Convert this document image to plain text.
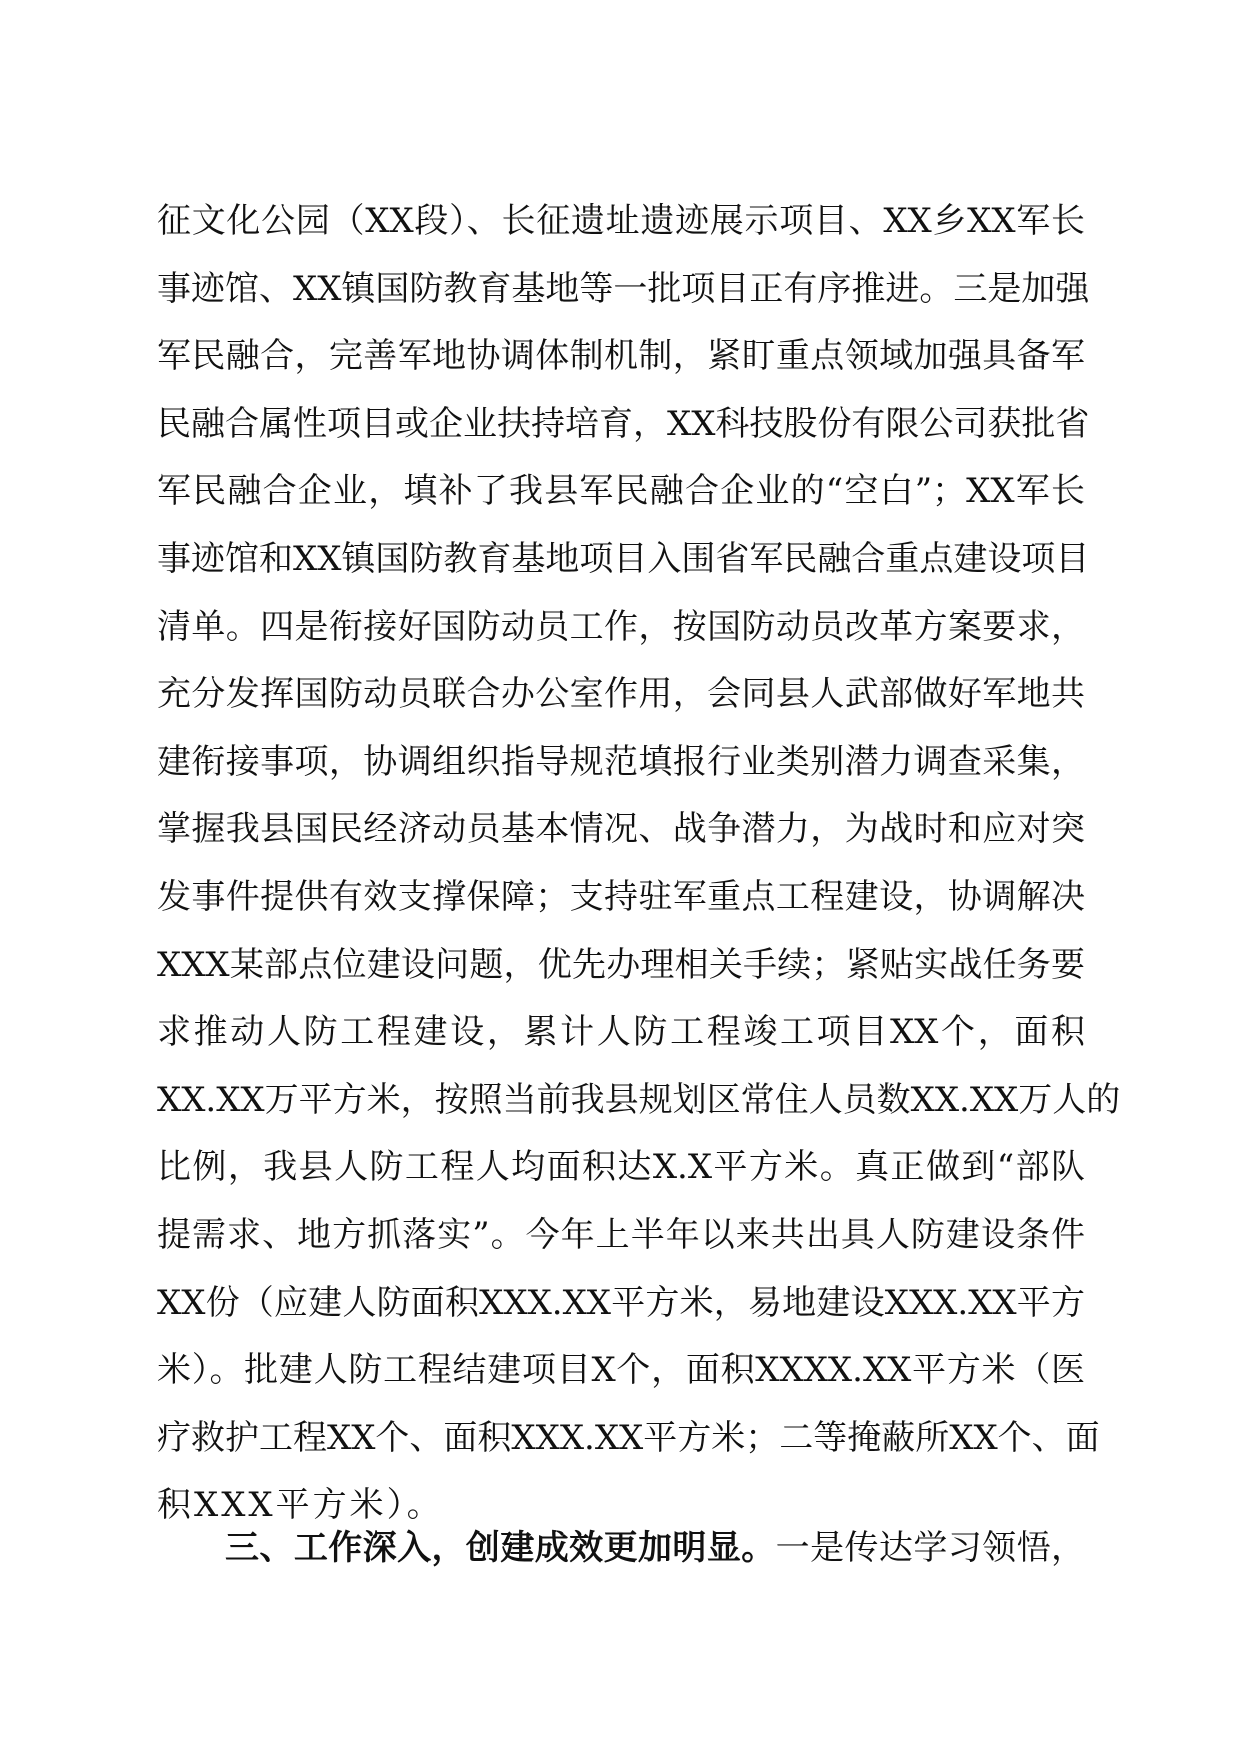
征文化公园（XX段）、长征遗址遗迹展示项目、XX乡XX军长
事迹馆、XX镇国防教育基地等一批项目正有序推进。三是加强
军民融合，完善军地协调体制机制，紧盯重点领域加强具备军
民融合属性项目或企业扶持培育，XX科技股份有限公司获批省
军民融合企业，填补了我县军民融合企业的“空白”；XX军长
事迹馆和XX镇国防教育基地项目入围省军民融合重点建设项目
清单。四是衔接好国防动员工作，按国防动员改革方案要求，
充分发挥国防动员联合办公室作用，会同县人武部做好军地共
建衔接事项，协调组织指导规范填报行业类别潜力调查采集，
掌握我县国民经济动员基本情况、战争潜力，为战时和应对突
发事件提供有效支撑保障；支持驻军重点工程建设，协调解决
XXX某部点位建设问题，优先办理相关手续；紧贴实战任务要
求推动人防工程建设，累计人防工程竣工项目XX个，面积
XX.XX万平方米，按照当前我县规划区常住人员数XX.XX万人的
比例，我县人防工程人均面积达X.X平方米。真正做到“部队
提需求、地方抓落实”。今年上半年以来共出具人防建设条件
XX份（应建人防面积XXX.XX平方米，易地建设XXX.XX平方
米）。批建人防工程结建项目X个，面积XXXX.XX平方米（医
疗救护工程XX个、面积XXX.XX平方米；二等掩蔽所XX个、面
积XXX平方米）。
三、工作深入，创建成效更加明显。一是传达学习领悟，
